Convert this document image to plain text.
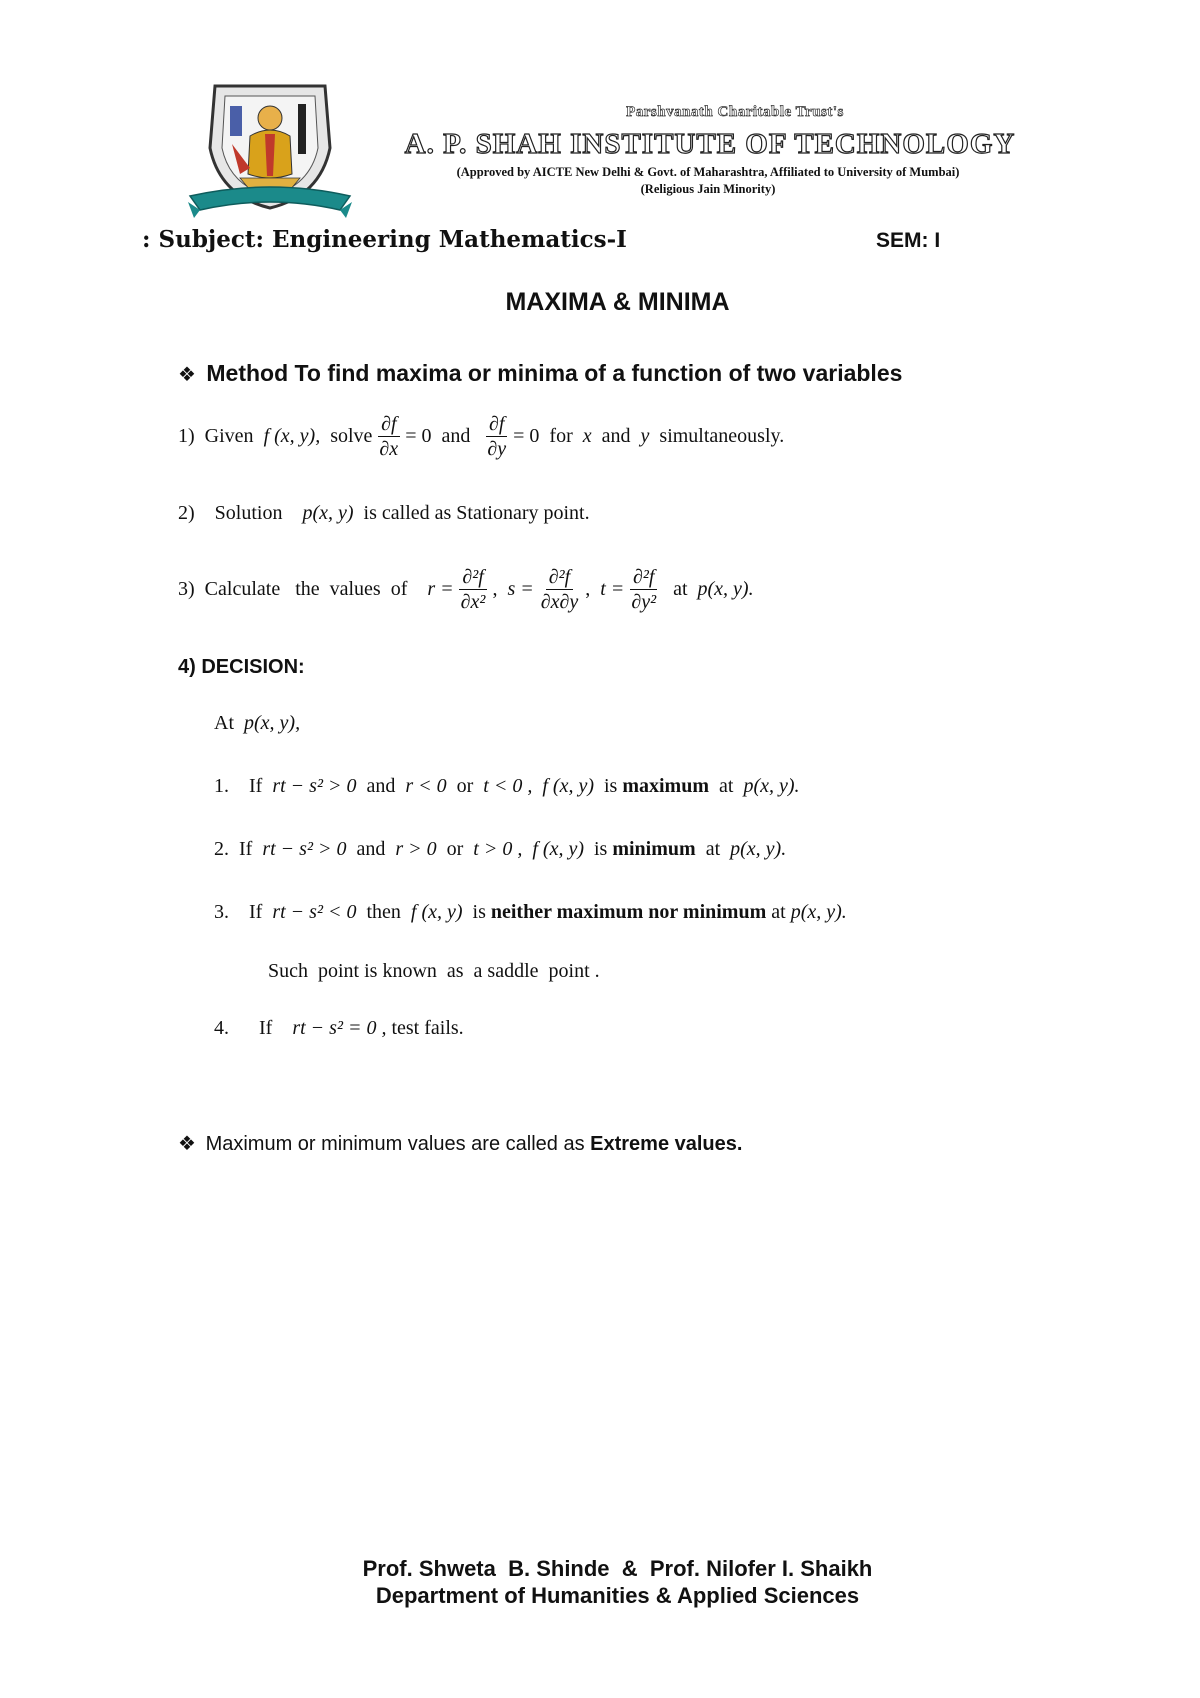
Parshvanath Charitable Trust's
A. P. SHAH INSTITUTE OF TECHNOLOGY
(Approved by AICTE New Delhi & Govt. of Maharashtra, Affiliated to University of Mumbai)
(Religious Jain Minority)
: Subject: Engineering Mathematics-I	SEM: I
MAXIMA & MINIMA
❖ Method To find maxima or minima of a function of two variables
1) Given f (x, y), solve $\frac{\partial f}{\partial x} = 0$ and $\frac{\partial f}{\partial y} = 0$ for x and y simultaneously.
2) Solution p(x, y) is called as Stationary point.
3) Calculate   the  values  of $r = \frac{\text{∂²f}}{\text{∂x²}}$ , $s = \frac{\text{∂²f}}{\partial x\partial y}$ , $t = \frac{\text{∂²f}}{\text{∂y²}}$ at p(x, y).
4) DECISION:
At p(x, y),
1. If rt − s² > 0 and r < 0 or t < 0 , f (x, y) is
maximum at p(x, y).
2. If rt − s² > 0 and r > 0 or t > 0 , f (x, y) is
minimum at p(x, y).
3. If rt − s² < 0 then f (x, y) is
neither maximum nor minimum
at
p(x, y).
Such  point is known  as  a saddle  point .
4. If rt − s² = 0 ,
test fails.
❖ Maximum or minimum values are called as Extreme values.
Prof. Shweta  B. Shinde  &  Prof. Nilofer I. Shaikh
Department of Humanities & Applied Sciences
